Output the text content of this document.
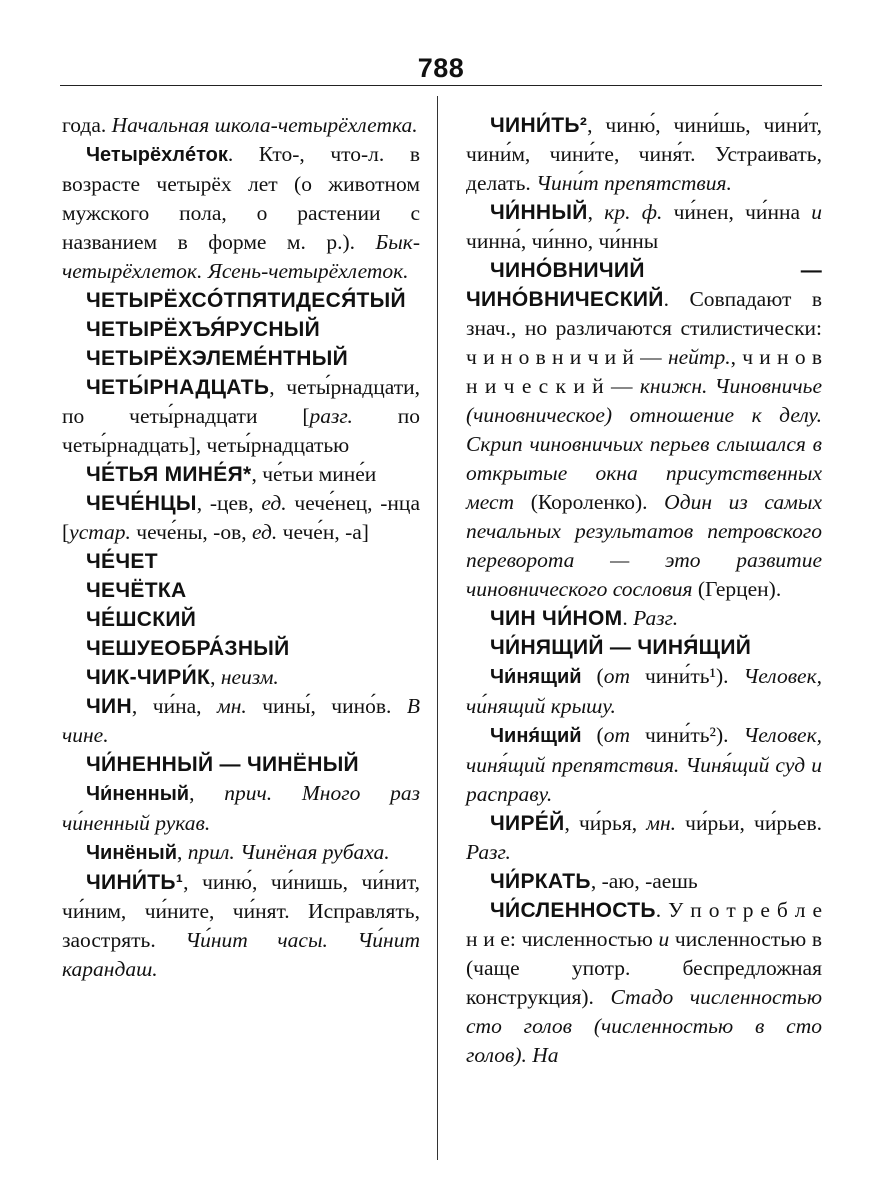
788
года. Начальная школа-четырёхлетка.
Четырёхлéток. Кто-, что-л. в возрасте четырёх лет (о животном мужского пола, о растении с названием в форме м. р.). Бык-четырёхлеток. Ясень-четырёхлеток.
ЧЕТЫРЁХСÓТПЯТИДЕСЯ́ТЫЙ
ЧЕТЫРЁХЪЯ́РУСНЫЙ
ЧЕТЫРЁХЭЛЕМЕ́НТНЫЙ
ЧЕТЫ́РНАДЦАТЬ, четы́рнадцати, по четы́рнадцати [разг. по четы́рнадцать], четы́рнадцатью
ЧЕ́ТЬЯ МИНЕ́Я*, че́тьи мине́и
ЧЕЧЕ́НЦЫ, -цев, ед. чече́нец, -нца [устар. чече́ны, -ов, ед. чече́н, -а]
ЧЕ́ЧЕТ
ЧЕЧЁТКА
ЧЕ́ШСКИЙ
ЧЕШУЕОБРА́ЗНЫЙ
ЧИК-ЧИРИ́К, неизм.
ЧИН, чи́на, мн. чины́, чино́в. В чине.
ЧИ́НЕННЫЙ — ЧИНЁНЫЙ
Чи́ненный, прич. Много раз чи́ненный рукав.
Чинёный, прил. Чинёная рубаха.
ЧИНИ́ТЬ¹, чиню́, чи́нишь, чи́нит, чи́ним, чи́ните, чи́нят. Исправлять, заострять. Чи́нит часы. Чи́нит карандаш.
ЧИНИ́ТЬ², чиню́, чини́шь, чини́т, чини́м, чини́те, чиня́т. Устраивать, делать. Чини́т препятствия.
ЧИ́ННЫЙ, кр. ф. чи́нен, чи́нна и чинна́, чи́нно, чи́нны
ЧИНО́ВНИЧИЙ — ЧИНО́ВНИЧЕСКИЙ. Совпадают в знач., но различаются стилистически: ч и н о в н и ч и й — нейтр., ч и н о в н и ч е с к и й — книжн. Чиновничье (чиновническое) отношение к делу. Скрип чиновничьих перьев слышался в открытые окна присутственных мест (Короленко). Один из самых печальных результатов петровского переворота — это развитие чиновнического сословия (Герцен).
ЧИН ЧИ́НОМ. Разг.
ЧИ́НЯЩИЙ — ЧИНЯ́ЩИЙ
Чи́нящий (от чини́ть¹). Человек, чи́нящий крышу.
Чиня́щий (от чини́ть²). Человек, чиня́щий препятствия. Чиня́щий суд и расправу.
ЧИРЕ́Й, чи́рья, мн. чи́рьи, чи́рьев. Разг.
ЧИ́РКАТЬ, -аю, -аешь
ЧИ́СЛЕННОСТЬ. У п о т р е б л е н и е: численностью и численностью в (чаще употр. беспредложная конструкция). Стадо численностью сто голов (численностью в сто голов). На
